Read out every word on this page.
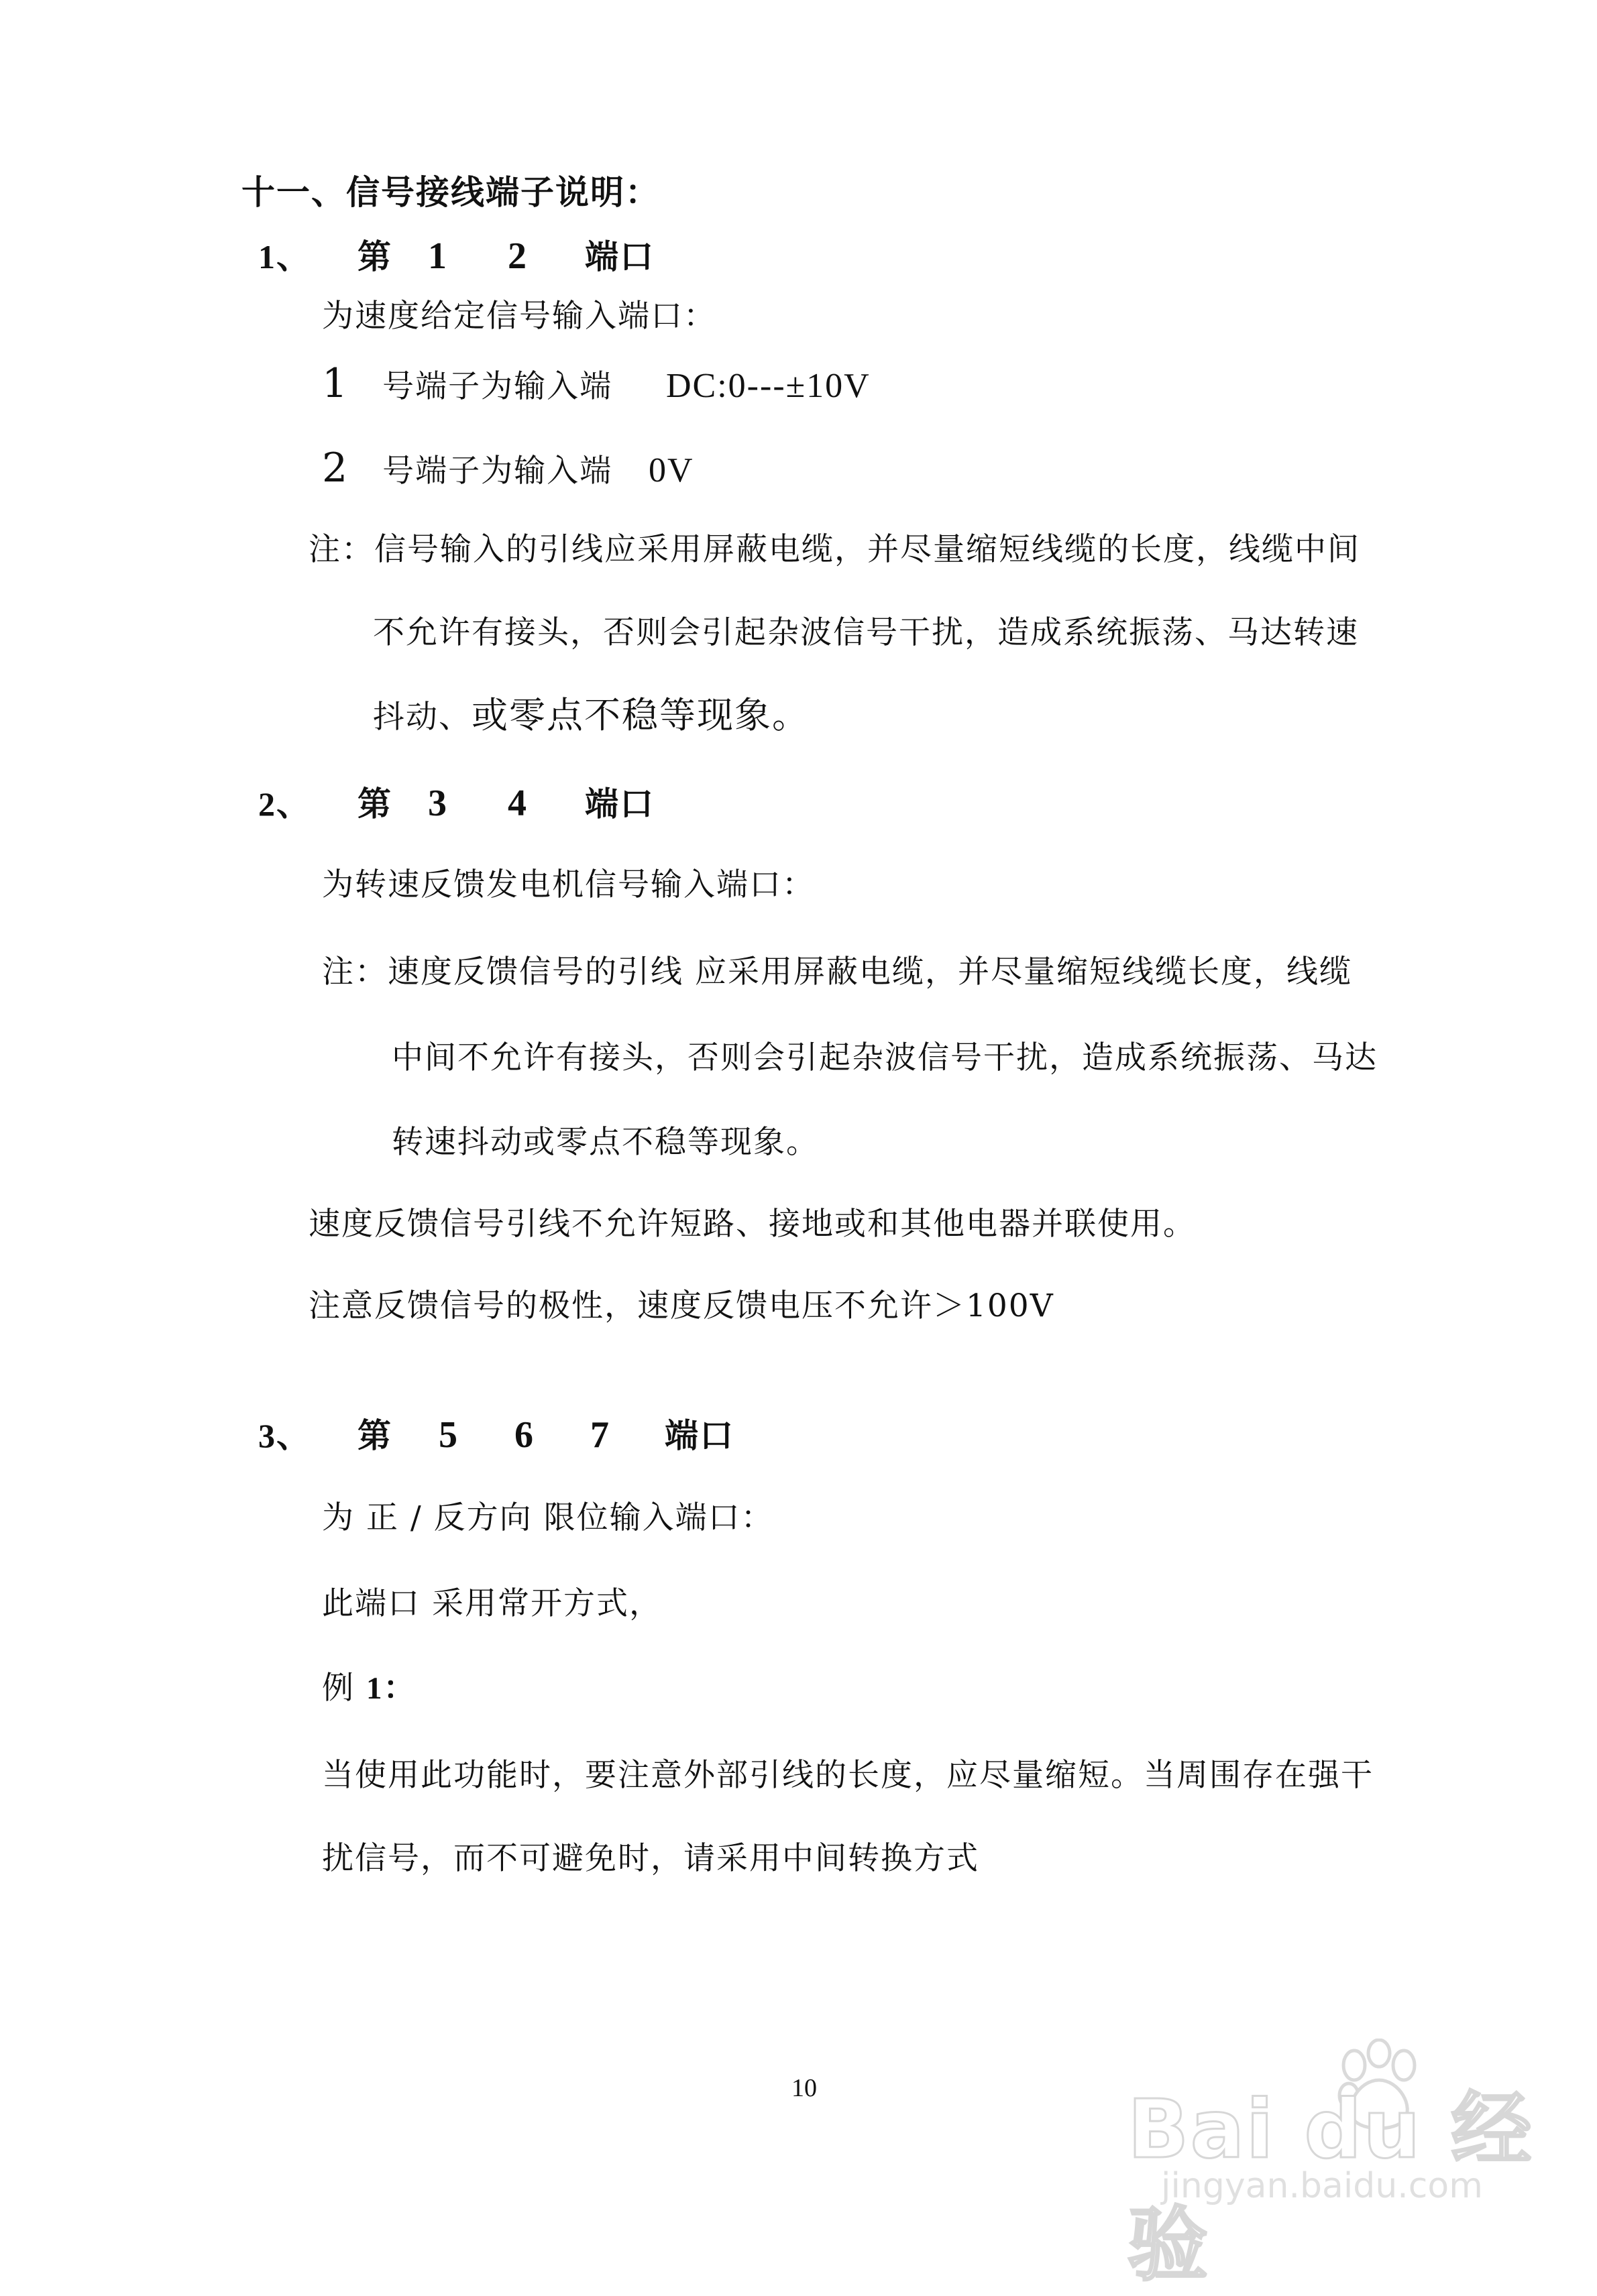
十一、信号接线端子说明：
1、 第 1 2 端口
为速度给定信号输入端口：
1 号端子为输入端 DC:0---±10V
2 号端子为输入端 0V
注：信号输入的引线应采用屏蔽电缆，并尽量缩短线缆的长度，线缆中间
不允许有接头，否则会引起杂波信号干扰，造成系统振荡、马达转速
抖动、或零点不稳等现象。
2、 第 3 4 端口
为转速反馈发电机信号输入端口：
注：速度反馈信号的引线 应采用屏蔽电缆，并尽量缩短线缆长度，线缆
中间不允许有接头，否则会引起杂波信号干扰，造成系统振荡、马达
转速抖动或零点不稳等现象。
速度反馈信号引线不允许短路、接地或和其他电器并联使用。
注意反馈信号的极性，速度反馈电压不允许＞100V
3、 第 5 6 7 端口
为 正 / 反方向 限位输入端口：
此端口 采用常开方式，
例 1：
当使用此功能时，要注意外部引线的长度，应尽量缩短。当周围存在强干
扰信号，而不可避免时，请采用中间转换方式
10	Bai du 经验
jingyan.baidu.com
